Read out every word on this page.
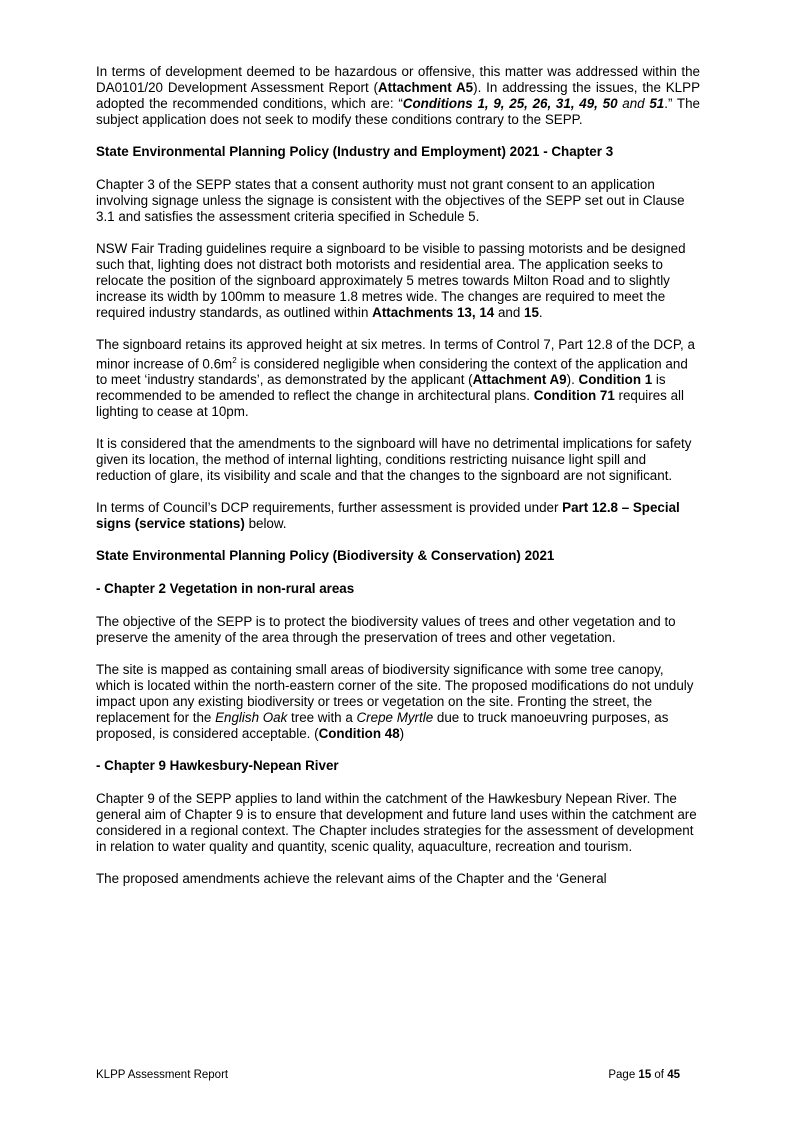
In terms of development deemed to be hazardous or offensive, this matter was addressed within the DA0101/20 Development Assessment Report (Attachment A5). In addressing the issues, the KLPP adopted the recommended conditions, which are: “Conditions 1, 9, 25, 26, 31, 49, 50 and 51.” The subject application does not seek to modify these conditions contrary to the SEPP.

State Environmental Planning Policy (Industry and Employment) 2021 - Chapter 3

Chapter 3 of the SEPP states that a consent authority must not grant consent to an application involving signage unless the signage is consistent with the objectives of the SEPP set out in Clause 3.1 and satisfies the assessment criteria specified in Schedule 5.

NSW Fair Trading guidelines require a signboard to be visible to passing motorists and be designed such that, lighting does not distract both motorists and residential area. The application seeks to relocate the position of the signboard approximately 5 metres towards Milton Road and to slightly increase its width by 100mm to measure 1.8 metres wide. The changes are required to meet the required industry standards, as outlined within Attachments 13, 14 and 15.

The signboard retains its approved height at six metres. In terms of Control 7, Part 12.8 of the DCP, a minor increase of $0.6m^2$ is considered negligible when considering the context of the application and to meet ‘industry standards’, as demonstrated by the applicant (Attachment A9). Condition 1 is recommended to be amended to reflect the change in architectural plans. Condition 71 requires all lighting to cease at 10pm.

It is considered that the amendments to the signboard will have no detrimental implications for safety given its location, the method of internal lighting, conditions restricting nuisance light spill and reduction of glare, its visibility and scale and that the changes to the signboard are not significant.

In terms of Council’s DCP requirements, further assessment is provided under Part 12.8 – Special signs (service stations) below.

State Environmental Planning Policy (Biodiversity & Conservation) 2021
- Chapter 2 Vegetation in non-rural areas

The objective of the SEPP is to protect the biodiversity values of trees and other vegetation and to preserve the amenity of the area through the preservation of trees and other vegetation.

The site is mapped as containing small areas of biodiversity significance with some tree canopy, which is located within the north-eastern corner of the site. The proposed modifications do not unduly impact upon any existing biodiversity or trees or vegetation on the site. Fronting the street, the replacement for the English Oak tree with a Crepe Myrtle due to truck manoeuvring purposes, as proposed, is considered acceptable. (Condition 48)

- Chapter 9 Hawkesbury-Nepean River

Chapter 9 of the SEPP applies to land within the catchment of the Hawkesbury Nepean River. The general aim of Chapter 9 is to ensure that development and future land uses within the catchment are considered in a regional context. The Chapter includes strategies for the assessment of development in relation to water quality and quantity, scenic quality, aquaculture, recreation and tourism.

The proposed amendments achieve the relevant aims of the Chapter and the ‘General

KLPP Assessment Report	Page 15 of 45
